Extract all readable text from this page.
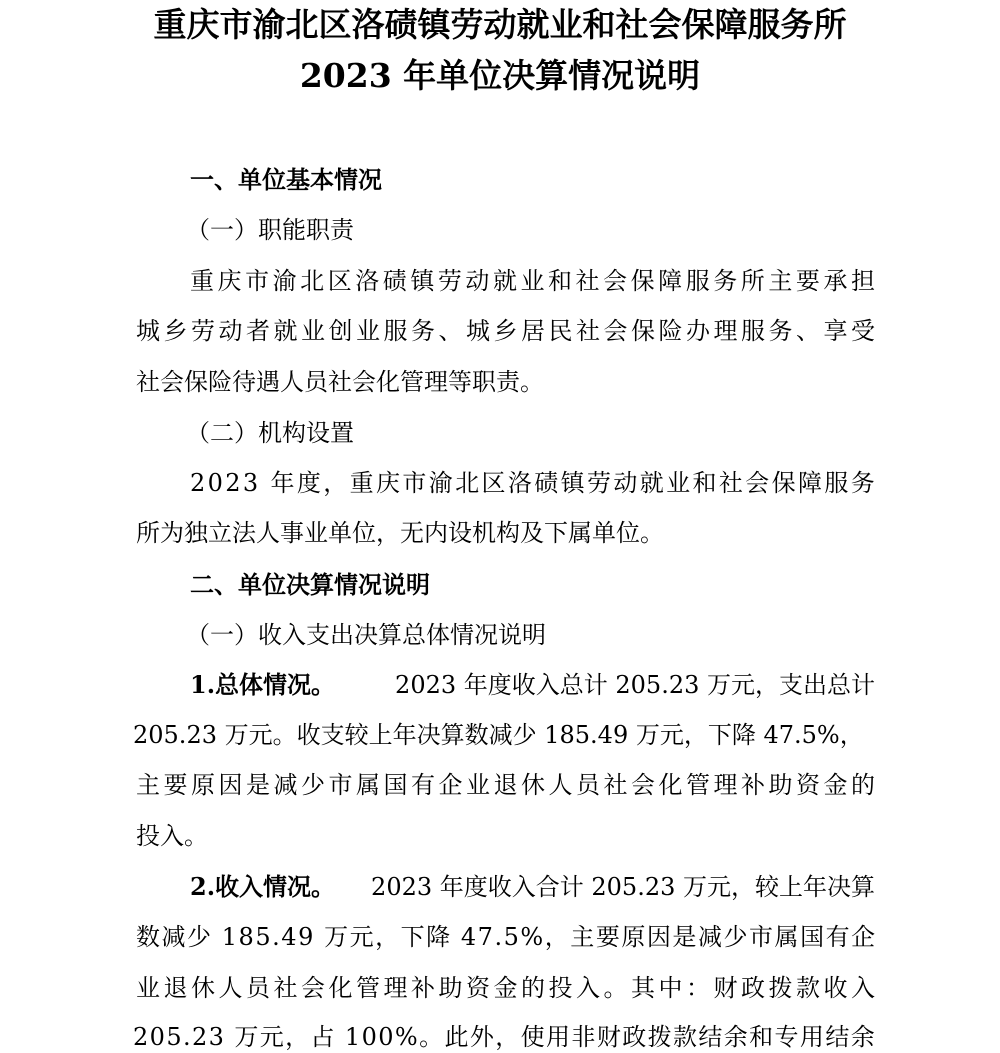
重庆市渝北区洛碛镇劳动就业和社会保障服务所
2023 年单位决算情况说明
一、单位基本情况
（一）职能职责
重庆市渝北区洛碛镇劳动就业和社会保障服务所主要承担
城乡劳动者就业创业服务、城乡居民社会保险办理服务、享受
社会保险待遇人员社会化管理等职责。
（二）机构设置
2023 年度，重庆市渝北区洛碛镇劳动就业和社会保障服务
所为独立法人事业单位，无内设机构及下属单位。
二、单位决算情况说明
（一）收入支出决算总体情况说明
1.总体情况。	2023 年度收入总计 205.23 万元，支出总计
205.23 万元。收支较上年决算数减少 185.49 万元，下降 47.5%，
主要原因是减少市属国有企业退休人员社会化管理补助资金的
投入。
2.收入情况。	2023 年度收入合计 205.23 万元，较上年决算
数减少 185.49 万元，下降 47.5%，主要原因是减少市属国有企
业退休人员社会化管理补助资金的投入。其中：财政拨款收入
205.23 万元，占 100%。此外，使用非财政拨款结余和专用结余
